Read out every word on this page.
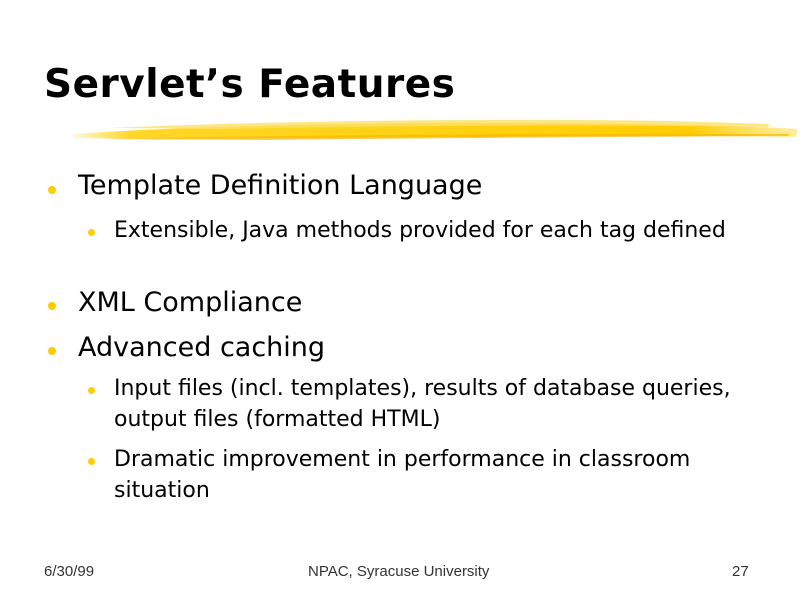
Servlet’s Features
Template Definition Language
Extensible, Java methods provided for each tag defined
XML Compliance
Advanced caching
Input files (incl. templates), results of database queries, output files (formatted HTML)
Dramatic improvement in performance in classroom situation
6/30/99	NPAC, Syracuse University	27
